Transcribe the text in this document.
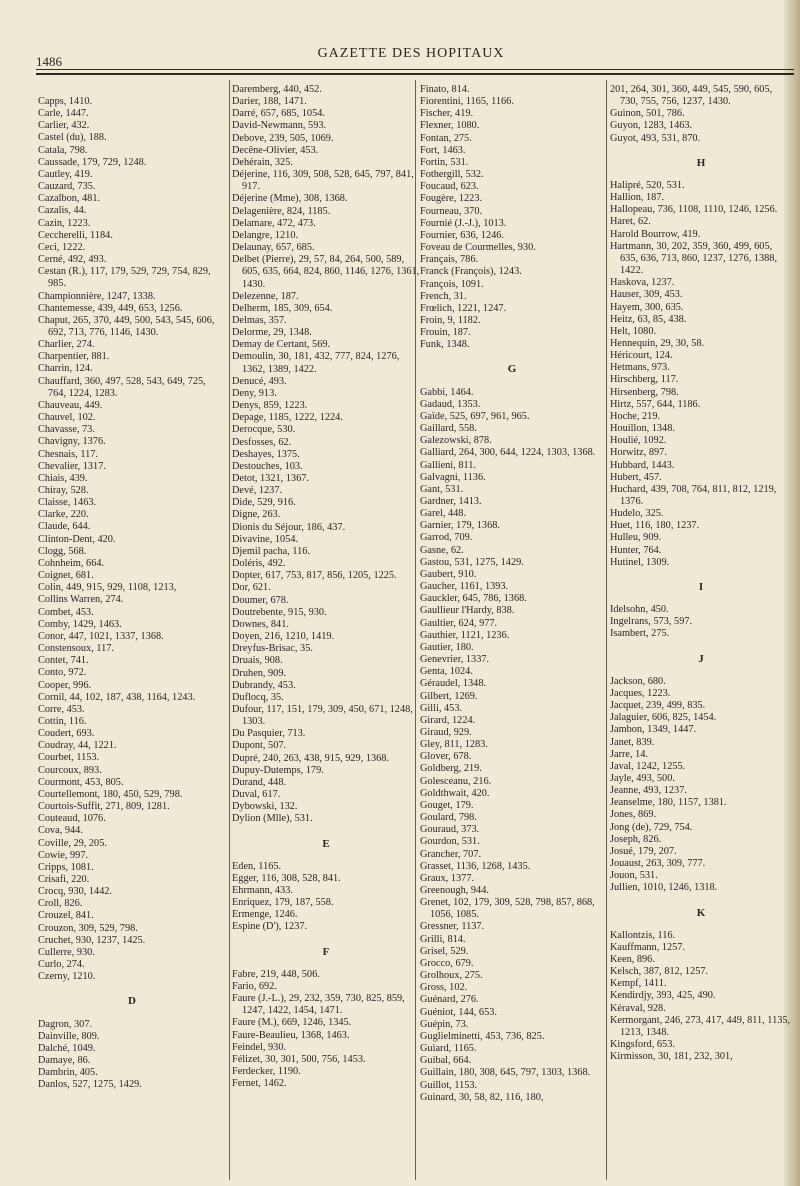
1486
GAZETTE DES HOPITAUX
Capps, 1410.
Carle, 1447.
Carlier, 432.
Castel (du), 188.
Catala, 798.
Caussade, 179, 729, 1248.
Cautley, 419.
Cauzard, 735.
Cazalbon, 481.
Cazalis, 44.
Cazin, 1223.
Ceccherelli, 1184.
Ceci, 1222.
Cerné, 492, 493.
Cestan (R.), 117, 179, 529, 729, 754, 829, 985.
Championnière, 1247, 1338.
Chantemesse, 439, 449, 653, 1256.
Chaput, 265, 370, 449, 500, 543, 545, 606, 692, 713, 776, 1146, 1430.
Charlier, 274.
Charpentier, 881.
Charrin, 124.
Chauffard, 360, 497, 528, 543, 649, 725, 764, 1224, 1283.
Chauveau, 449.
Chauvel, 102.
Chavasse, 73.
Chavigny, 1376.
Chesnais, 117.
Chevalier, 1317.
Chiais, 439.
Chiray, 528.
Claisse, 1463.
Clarke, 220.
Claude, 644.
Clinton-Dent, 420.
Clogg, 568.
Cohnheim, 664.
Coignet, 681.
Colin, 449, 915, 929, 1108, 1213,
Collins Warren, 274.
Combet, 453.
Comby, 1429, 1463.
Conor, 447, 1021, 1337, 1368.
Constensoux, 117.
Contet, 741.
Conto, 972.
Cooper, 996.
Cornil, 44, 102, 187, 438, 1164, 1243.
Corre, 453.
Cottin, 116.
Coudert, 693.
Coudray, 44, 1221.
Courbet, 1153.
Courcoux, 893.
Courmont, 453, 805.
Courtellemont, 180, 450, 529, 798.
Courtois-Suffit, 271, 809, 1281.
Couteaud, 1076.
Cova, 944.
Coville, 29, 205.
Cowie, 997.
Cripps, 1081.
Crisafi, 220.
Crocq, 930, 1442.
Croll, 826.
Crouzel, 841.
Crouzon, 309, 529, 798.
Cruchet, 930, 1237, 1425.
Cullerre, 930.
Curlo, 274.
Czerny, 1210.
D
Dagron, 307.
Dainville, 809.
Dalché, 1049.
Damaye, 86.
Dambrin, 405.
Danlos, 527, 1275, 1429.
Daremberg, 440, 452.
Darier, 188, 1471.
Darré, 657, 685, 1054.
David-Newmann, 593.
Debove, 239, 505, 1069.
Decêne-Olivier, 453.
Dehérain, 325.
Déjerine, 116, 309, 508, 528, 645, 797, 841, 917.
Déjerine (Mme), 308, 1368.
Delagenière, 824, 1185.
Delamare, 472, 473.
Delangre, 1210.
Delaunay, 657, 685.
Delbet (Pierre), 29, 57, 84, 264, 500, 589, 605, 635, 664, 824, 860, 1146, 1276, 1361, 1430.
Delezenne, 187.
Delherm, 185, 309, 654.
Delmas, 357.
Delorme, 29, 1348.
Demay de Certant, 569.
Demoulin, 30, 181, 432, 777, 824, 1276, 1362, 1389, 1422.
Denucé, 493.
Deny, 913.
Denys, 859, 1223.
Depage, 1185, 1222, 1224.
Derocque, 530.
Desfosses, 62.
Deshayes, 1375.
Destouches, 103.
Detot, 1321, 1367.
Devé, 1237.
Dide, 529, 916.
Digne, 263.
Dionis du Séjour, 186, 437.
Divavine, 1054.
Djemil pacha, 116.
Doléris, 492.
Dopter, 617, 753, 817, 856, 1205, 1225.
Dor, 621.
Doumer, 678.
Doutrebente, 915, 930.
Downes, 841.
Doyen, 216, 1210, 1419.
Dreyfus-Brisac, 35.
Druais, 908.
Druhen, 909.
Dubrandy, 453.
Duflocq, 35.
Dufour, 117, 151, 179, 309, 450, 671, 1248, 1303.
Du Pasquier, 713.
Dupont, 507.
Dupré, 240, 263, 438, 915, 929, 1368.
Dupuy-Dutemps, 179.
Durand, 448.
Duval, 617.
Dybowski, 132.
Dylion (Mlle), 531.
E
Eden, 1165.
Egger, 116, 308, 528, 841.
Ehrmann, 433.
Enriquez, 179, 187, 558.
Ermenge, 1246.
Espine (D'), 1237.
F
Fabre, 219, 448, 506.
Fario, 692.
Faure (J.-L.), 29, 232, 359, 730, 825, 859, 1247, 1422, 1454, 1471.
Faure (M.), 669, 1246, 1345.
Faure-Beaulieu, 1368, 1463.
Feindel, 930.
Félizet, 30, 301, 500, 756, 1453.
Ferdecker, 1190.
Fernet, 1462.
Finato, 814.
Fiorentini, 1165, 1166.
Fischer, 419.
Flexner, 1080.
Fontan, 275.
Fort, 1463.
Fortin, 531.
Fothergill, 532.
Foucaud, 623.
Fougère, 1223.
Fourneau, 370.
Fournié (J.-J.), 1013.
Fournier, 636, 1246.
Foveau de Courmelles, 930.
Français, 786.
Franck (François), 1243.
François, 1091.
French, 31.
Frœlich, 1221, 1247.
Froin, 9, 1182.
Frouin, 187.
Funk, 1348.
G
Gabbi, 1464.
Gadaud, 1353.
Gaïde, 525, 697, 961, 965.
Gaillard, 558.
Galezowski, 878.
Galliard, 264, 300, 644, 1224, 1303, 1368.
Gallieni, 811.
Galvagni, 1136.
Gant, 531.
Gardner, 1413.
Garel, 448.
Garnier, 179, 1368.
Garrod, 709.
Gasne, 62.
Gastou, 531, 1275, 1429.
Gaubert, 910.
Gaucher, 1161, 1393.
Gauckler, 645, 786, 1368.
Gaullieur l'Hardy, 838.
Gaultier, 624, 977.
Gauthier, 1121, 1236.
Gautier, 180.
Genevrier, 1337.
Genta, 1024.
Géraudel, 1348.
Gilbert, 1269.
Gilli, 453.
Girard, 1224.
Giraud, 929.
Gley, 811, 1283.
Glover, 678.
Goldberg, 219.
Golesceanu, 216.
Goldthwait, 420.
Gouget, 179.
Goulard, 798.
Gouraud, 373.
Gourdon, 531.
Grancher, 707.
Grasset, 1136, 1268, 1435.
Graux, 1377.
Greenough, 944.
Grenet, 102, 179, 309, 528, 798, 857, 868, 1056, 1085.
Gressner, 1137.
Grilli, 814.
Grisel, 529.
Grocco, 679.
Grolhoux, 275.
Gross, 102.
Guénard, 276.
Guéniot, 144, 653.
Guépin, 73.
Guglielminetti, 453, 736, 825.
Guiard, 1165.
Guibal, 664.
Guillain, 180, 308, 645, 797, 1303, 1368.
Guillot, 1153.
Guinard, 30, 58, 82, 116, 180,
201, 264, 301, 360, 449, 545, 590, 605, 730, 755, 756, 1237, 1430.
Guinon, 501, 786.
Guyon, 1283, 1463.
Guyot, 493, 531, 870.
H
Halipré, 520, 531.
Hallion, 187.
Hallopeau, 736, 1108, 1110, 1246, 1256.
Haret, 62.
Harold Bourrow, 419.
Hartmann, 30, 202, 359, 360, 499, 605, 635, 636, 713, 860, 1237, 1276, 1388, 1422.
Haskova, 1237.
Hauser, 309, 453.
Hayem, 300, 635.
Heitz, 63, 85, 438.
Helt, 1080.
Hennequin, 29, 30, 58.
Héricourt, 124.
Hetmans, 973.
Hirschberg, 117.
Hirsenberg, 798.
Hirtz, 557, 644, 1186.
Hoche, 219.
Houillon, 1348.
Houlié, 1092.
Horwitz, 897.
Hubbard, 1443.
Hubert, 457.
Huchard, 439, 708, 764, 811, 812, 1219, 1376.
Hudelo, 325.
Huet, 116, 180, 1237.
Hulleu, 909.
Hunter, 764.
Hutinel, 1309.
I
Idelsohn, 450.
Ingelrans, 573, 597.
Isambert, 275.
J
Jackson, 680.
Jacques, 1223.
Jacquet, 239, 499, 835.
Jalaguier, 606, 825, 1454.
Jambon, 1349, 1447.
Janet, 839.
Jarre, 14.
Javal, 1242, 1255.
Jayle, 493, 500.
Jeanne, 493, 1237.
Jeanselme, 180, 1157, 1381.
Jones, 869.
Jong (de), 729, 754.
Joseph, 826.
Josué, 179, 207.
Jouaust, 263, 309, 777.
Jouon, 531.
Jullien, 1010, 1246, 1318.
K
Kallontzis, 116.
Kauffmann, 1257.
Keen, 896.
Kelsch, 387, 812, 1257.
Kempf, 1411.
Kendirdjy, 393, 425, 490.
Kéraval, 928.
Kermorgant, 246, 273, 417, 449, 811, 1135, 1213, 1348.
Kingsford, 653.
Kirmisson, 30, 181, 232, 301,
